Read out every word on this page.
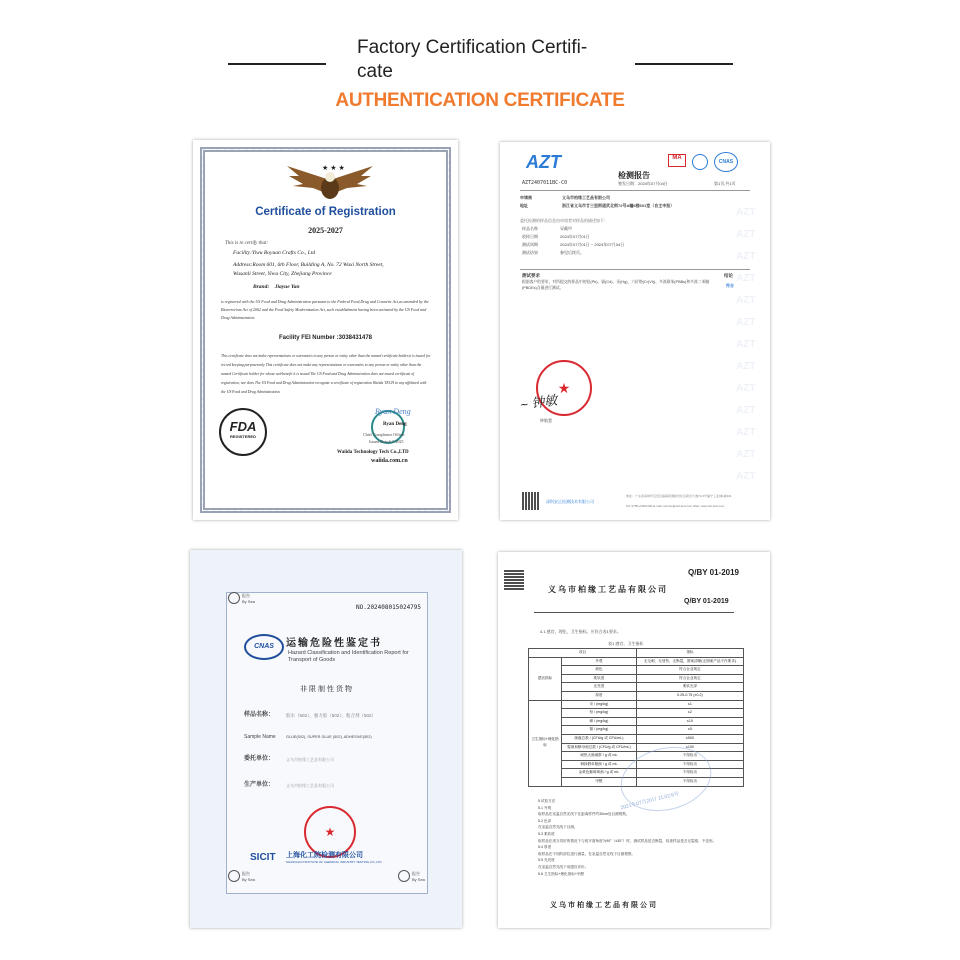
Factory Certification Certifi-
cate
AUTHENTICATION CERTIFICATE
★ ★ ★
Certificate of Registration
2025-2027
This is to certify that:
Facility:Yiwu Boyuan Crafts Co., Ltd
Address:Room 601, 6th Floor, Building A, No. 72 Wuxi North Street,
Wusanli Street, Yiwu City, Zhejiang Province
Brand:    Jiayue Yan
is registered with the US Food and Drug Administration pursuant to the Federal Food,Drug and Cosmetic Act,as amended by the Bioterrorism Act of 2002 and the Food Safety Modernization Act, such establishment having been activated by the US Food and Drug Administration.
Facility FEI Number :3038431478
This certificate does not make representations or warranties to any person or entity other than the named certificate holder,it is issued for record keeping purposesonly This certificate does not make any representations or warranties to any person or entity other than the named Certificate holder for whose solebenefit it is issued.The US Food and Drug Administration does not issued certificate of registration, nor does The US Food and Drug Administration recognize a certificate of registration Waiida TECH to any affiliated with the US Food and Drug Administration.
FDA
REGISTERED
Ryan Deng
Ryan Deng
Chief Compliance Officer
Issued Date:6-5-2025
Waiida Technology Tech Co.,LTD
waiida.com.cn
AZT
AZT2407011BC-C0
检测报告
签发日期：2024年07月04日	第1页,共1页
MA
CNAS
申请商	义乌市柏缘工艺品有限公司
地址	浙江省义乌市廿三里街道武北街72号A幢6楼601室（自主申报）
委托检测的样品信息由申请者对样品的描述如下：
样品名称	穿戴甲
收样日期	2024年07月01日
测试周期	2024年07月01日 ~ 2024年07月04日
测试结果	参见后续页。
测试要求	结论
根据客户的要求，对所提交的样品中的铅(Pb)、镉(Cd)、汞(Hg)、六价铬(Cr(VI))、多溴联苯(PBBs)和多溴二苯醚(PBDEs)含量进行测试。	符合
AZT AZT AZT AZT AZT AZT AZT AZT AZT AZT AZT AZT AZT
★
~ 钟敏
钟敏慧
深圳安正检测技术有限公司
地址：广东省深圳市宝安区福海街道新田社区新田大道71-5号福宁工业城1楼101
Tel: 0755-23301190 E-mail: service@azt-test.com Web: www.azt-test.com
报告
By Sea
NO.202408015024795
CNAS	运输危险性鉴定书
Hazard Classification and Identification Report for Transport of Goods
非限制性货物
样品名称：	胶水（502）、强力胶（502）、粘合剂（502）
Sample Name	GLUE(502), SUPER GLUE (502), ADHESIVE(502)
委托单位：	义乌市柏缘工艺品有限公司
生产单位：	义乌市柏缘工艺品有限公司
★
SICIT 上海化工院检测有限公司
SHANGHAI INSTITUTE OF CHEMICAL INDUSTRY TESTING CO.,LTD.
报告
By Sea
报告
By Sea
Q/BY 01-2019
义乌市柏缘工艺品有限公司
Q/BY 01-2019
4.1 感官、理化、卫生指标、应符合表1要求。
表1 感官、卫生指标
项目		指标
感官指标	外观	无毛刺、无划伤、无断裂，图案清晰(无图案产品不作要求)
	颜色	符合企业规定
	柔软度	符合企业规定
	光亮度	柔软光泽
	厚度	0.25-0.75 (±0.2)
卫生指标+理化指标	汞 / (mg/kg)	≤1
	铅 / (mg/kg)	≤2
	砷 / (mg/kg)	≤10
	镉 / (mg/kg)	≤5
	菌落总数 / (CFU/g 或 CFU/mL)	≤500
	霉菌和酵母菌总数 / (CFU/g 或 CFU/mL)	≤100
	耐热大肠菌群 / g 或 mL	不得检出
	铜绿假单胞菌 / g 或 mL	不得检出
	金黄色葡萄球菌 / g 或 mL	不得检出
	甲醛	不得检出
2021年07月20日 11:02:6号
5 试验方法
5.1 外观
取样品在室温自然光线下在距离样件约30cm处目测观察。
5.2 色泽
在室温自然光线下目测。
5.3 柔软度
取样品在适当弯折的情况下与底平面角度为90°（±30°）时，测试样品是否断裂，检查样品是否无裂痕、不变形。
5.4 厚度
取样品在不同的部位进行测量，在室温自然光线下目测观察。
5.5 光亮度
在室温自然光线下用感官评价。
5.6 卫生指标+理化指标+甲醛
义乌市柏缘工艺品有限公司
